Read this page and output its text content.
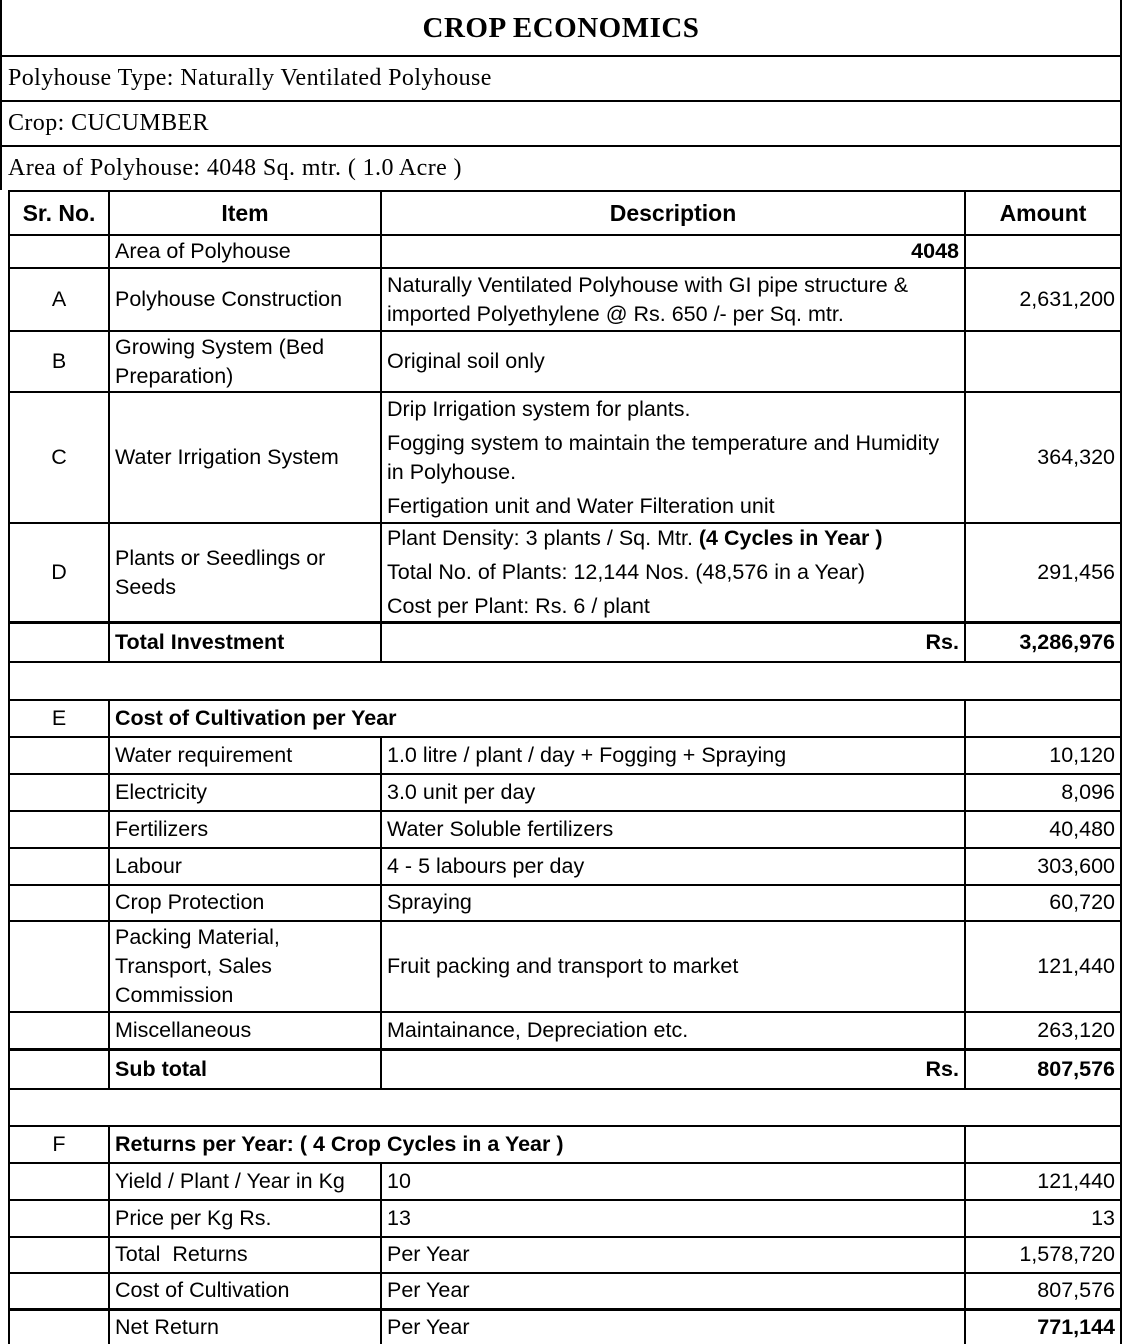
CROP ECONOMICS
Polyhouse Type: Naturally Ventilated Polyhouse
Crop: CUCUMBER
Area of Polyhouse: 4048 Sq. mtr. ( 1.0 Acre )
Sr. No.	Item	Description	Amount
	Area of Polyhouse	4048	
A	Polyhouse Construction	Naturally Ventilated Polyhouse with GI pipe structure &
imported Polyethylene @ Rs. 650 /- per Sq. mtr.	2,631,200
B	Growing System (Bed Preparation)	Original soil only	
C	Water Irrigation System	Drip Irrigation system for plants.
Fogging system to maintain the temperature and Humidity in Polyhouse.
Fertigation unit and Water Filteration unit	364,320
D	Plants or Seedlings or Seeds	Plant Density: 3 plants / Sq. Mtr. (4 Cycles in Year )
Total No. of Plants: 12,144 Nos. (48,576 in a Year)
Cost per Plant: Rs. 6 / plant	291,456
	Total Investment	Rs.	3,286,976

E	Cost of Cultivation per Year		
	Water requirement	1.0 litre / plant / day + Fogging + Spraying	10,120
	Electricity	3.0 unit per day	8,096
	Fertilizers	Water Soluble fertilizers	40,480
	Labour	4 - 5 labours per day	303,600
	Crop Protection	Spraying	60,720
	Packing Material, Transport, Sales Commission	Fruit packing and transport to market	121,440
	Miscellaneous	Maintainance, Depreciation etc.	263,120
	Sub total	Rs.	807,576

F	Returns per Year: ( 4 Crop Cycles in a Year )		
	Yield / Plant / Year in Kg	10	121,440
	Price per Kg Rs.	13	13
	Total  Returns	Per Year	1,578,720
	Cost of Cultivation	Per Year	807,576
	Net Return	Per Year	771,144
